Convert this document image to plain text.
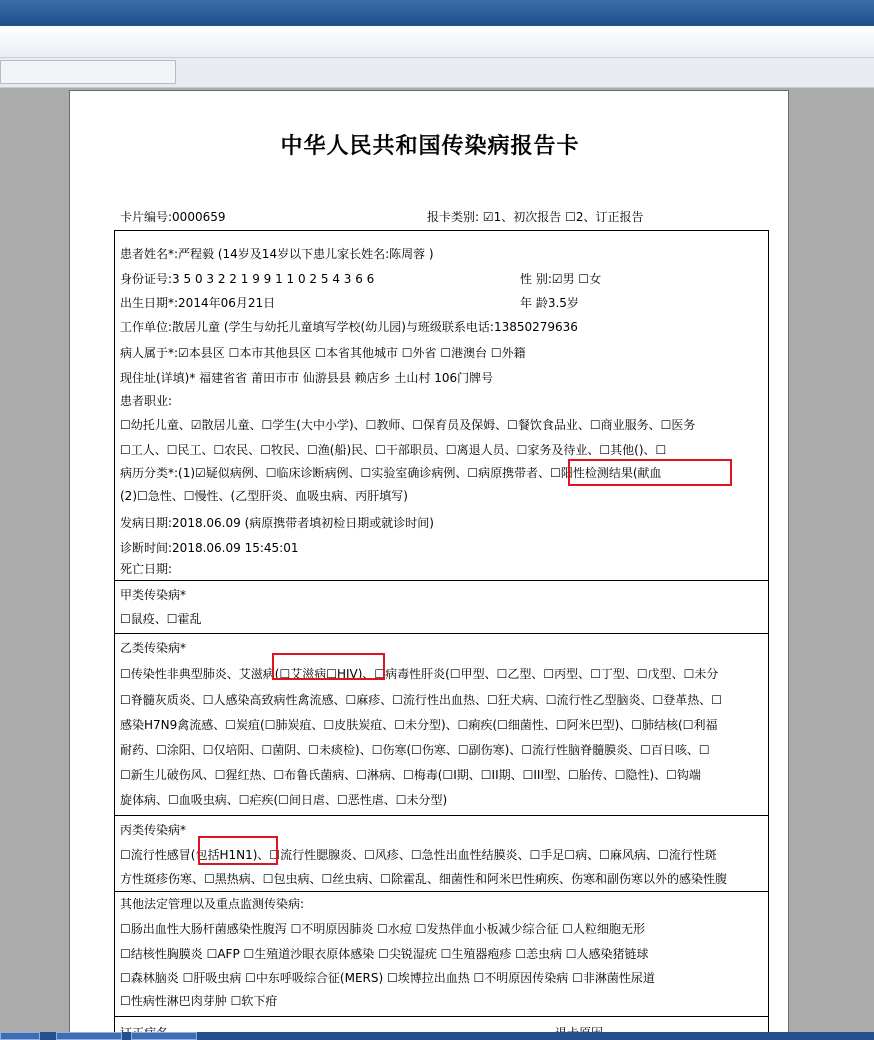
中华人民共和国传染病报告卡
卡片编号:0000659	报卡类别: ☑1、初次报告 ☐2、订正报告
患者姓名*:严程毅 (14岁及14岁以下患儿家长姓名:陈周蓉 )
身份证号:3 5 0 3 2 2 1 9 9 1 1 0 2 5 4 3 6 6	性 别:☑男 ☐女
出生日期*:2014年06月21日	年 龄3.5岁
工作单位:散居儿童 (学生与幼托儿童填写学校(幼儿园)与班级联系电话:13850279636
病人属于*:☑本县区 ☐本市其他县区 ☐本省其他城市 ☐外省 ☐港澳台 ☐外籍
现住址(详填)* 福建省省 莆田市市 仙游县县 赖店乡 土山村 106门牌号
患者职业:
☐幼托儿童、☑散居儿童、☐学生(大中小学)、☐教师、☐保育员及保姆、☐餐饮食品业、☐商业服务、☐医务
☐工人、☐民工、☐农民、☐牧民、☐渔(船)民、☐干部职员、☐离退人员、☐家务及待业、☐其他()、☐
病历分类*:(1)☑疑似病例、☐临床诊断病例、☐实验室确诊病例、☐病原携带者、☐阳性检测结果(献血
(2)☐急性、☐慢性、(乙型肝炎、血吸虫病、丙肝填写)
发病日期:2018.06.09 (病原携带者填初检日期或就诊时间)
诊断时间:2018.06.09 15:45:01
死亡日期:
甲类传染病*
☐鼠疫、☐霍乱
乙类传染病*
☐传染性非典型肺炎、艾滋病(☐艾滋病☐HIV)、☐病毒性肝炎(☐甲型、☐乙型、☐丙型、☐丁型、☐戊型、☐未分
☐脊髓灰质炎、☐人感染高致病性禽流感、☐麻疹、☐流行性出血热、☐狂犬病、☐流行性乙型脑炎、☐登革热、☐
感染H7N9禽流感、☐炭疽(☐肺炭疽、☐皮肤炭疽、☐未分型)、☐痢疾(☐细菌性、☐阿米巴型)、☐肺结核(☐利福
耐药、☐涂阳、☐仅培阳、☐菌阴、☐未痰检)、☐伤寒(☐伤寒、☐副伤寒)、☐流行性脑脊髓膜炎、☐百日咳、☐
☐新生儿破伤风、☐猩红热、☐布鲁氏菌病、☐淋病、☐梅毒(☐I期、☐II期、☐III型、☐胎传、☐隐性)、☐钩端
旋体病、☐血吸虫病、☐疟疾(☐间日虐、☐恶性虐、☐未分型)
丙类传染病*
☐流行性感冒(包括H1N1)、☐流行性腮腺炎、☐风疹、☐急性出血性结膜炎、☐手足☐病、☐麻风病、☐流行性斑
方性斑疹伤寒、☐黑热病、☐包虫病、☐丝虫病、☐除霍乱、细菌性和阿米巴性痢疾、伤寒和副伤寒以外的感染性腹
其他法定管理以及重点监测传染病:
☐肠出血性大肠杆菌感染性腹泻 ☐不明原因肺炎 ☐水痘 ☐发热伴血小板减少综合征 ☐人粒细胞无形
☐结核性胸膜炎 ☐AFP ☐生殖道沙眼衣原体感染 ☐尖锐湿疣 ☐生殖器疱疹 ☐恙虫病 ☐人感染猪链球
☐森林脑炎 ☐肝吸虫病 ☐中东呼吸综合征(MERS) ☐埃博拉出血热 ☐不明原因传染病 ☐非淋菌性尿道
☐性病性淋巴肉芽肿 ☐软下疳
